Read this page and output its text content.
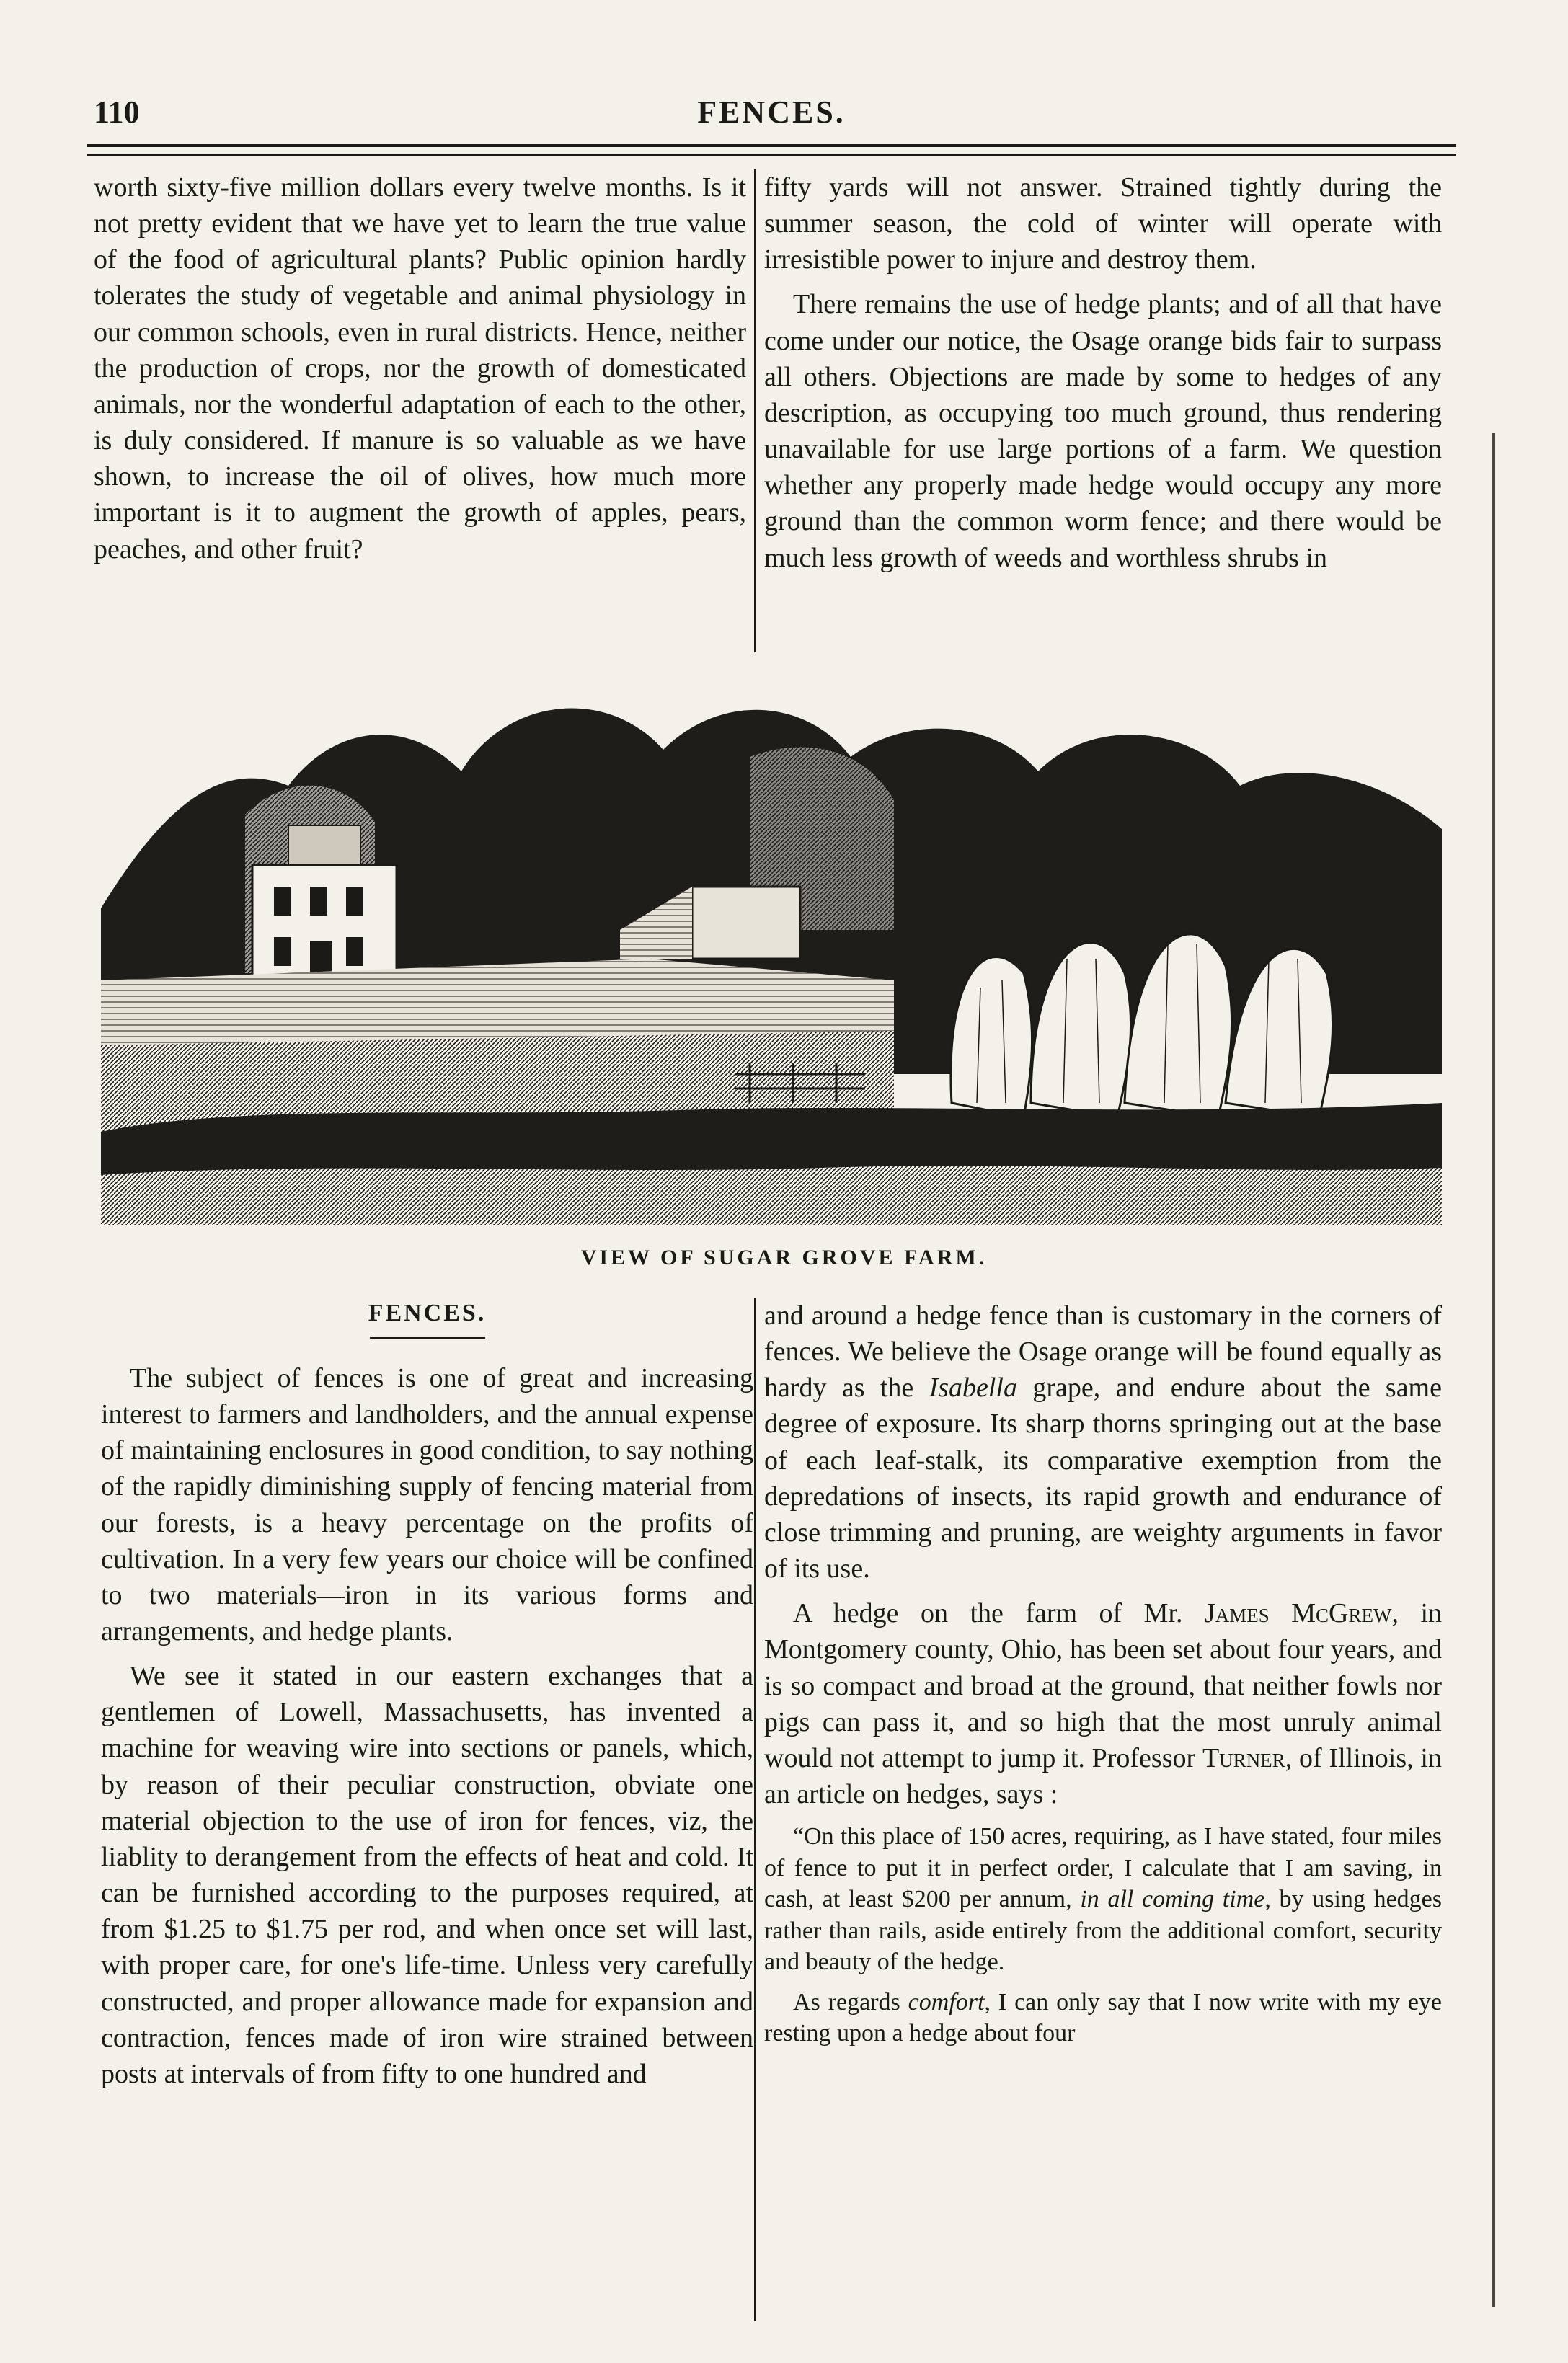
110	FENCES.

worth sixty-five million dollars every twelve months. Is it not pretty evident that we have yet to learn the true value of the food of agricultural plants? Public opinion hardly tolerates the study of vegetable and animal physiology in our common schools, even in rural districts. Hence, neither the production of crops, nor the growth of domesticated animals, nor the wonderful adaptation of each to the other, is duly considered. If manure is so valuable as we have shown, to increase the oil of olives, how much more important is it to augment the growth of apples, pears, peaches, and other fruit?

fifty yards will not answer. Strained tightly during the summer season, the cold of winter will operate with irresistible power to injure and destroy them.

There remains the use of hedge plants; and of all that have come under our notice, the Osage orange bids fair to surpass all others. Objections are made by some to hedges of any description, as occupying too much ground, thus rendering unavailable for use large portions of a farm. We question whether any properly made hedge would occupy any more ground than the common worm fence; and there would be much less growth of weeds and worthless shrubs in

VIEW OF SUGAR GROVE FARM.
FENCES.

The subject of fences is one of great and increasing interest to farmers and landholders, and the annual expense of maintaining enclosures in good condition, to say nothing of the rapidly diminishing supply of fencing material from our forests, is a heavy percentage on the profits of cultivation. In a very few years our choice will be confined to two materials—iron in its various forms and arrangements, and hedge plants.

We see it stated in our eastern exchanges that a gentlemen of Lowell, Massachusetts, has invented a machine for weaving wire into sections or panels, which, by reason of their peculiar construction, obviate one material objection to the use of iron for fences, viz, the liablity to derangement from the effects of heat and cold. It can be furnished according to the purposes required, at from $1.25 to $1.75 per rod, and when once set will last, with proper care, for one's life-time. Unless very carefully constructed, and proper allowance made for expansion and contraction, fences made of iron wire strained between posts at intervals of from fifty to one hundred and

and around a hedge fence than is customary in the corners of fences. We believe the Osage orange will be found equally as hardy as the Isabella grape, and endure about the same degree of exposure. Its sharp thorns springing out at the base of each leaf-stalk, its comparative exemption from the depredations of insects, its rapid growth and endurance of close trimming and pruning, are weighty arguments in favor of its use.

A hedge on the farm of Mr. James McGrew, in Montgomery county, Ohio, has been set about four years, and is so compact and broad at the ground, that neither fowls nor pigs can pass it, and so high that the most unruly animal would not attempt to jump it. Professor Turner, of Illinois, in an article on hedges, says :

“On this place of 150 acres, requiring, as I have stated, four miles of fence to put it in perfect order, I calculate that I am saving, in cash, at least $200 per annum, in all coming time, by using hedges rather than rails, aside entirely from the additional comfort, security and beauty of the hedge.

As regards comfort, I can only say that I now write with my eye resting upon a hedge about four
